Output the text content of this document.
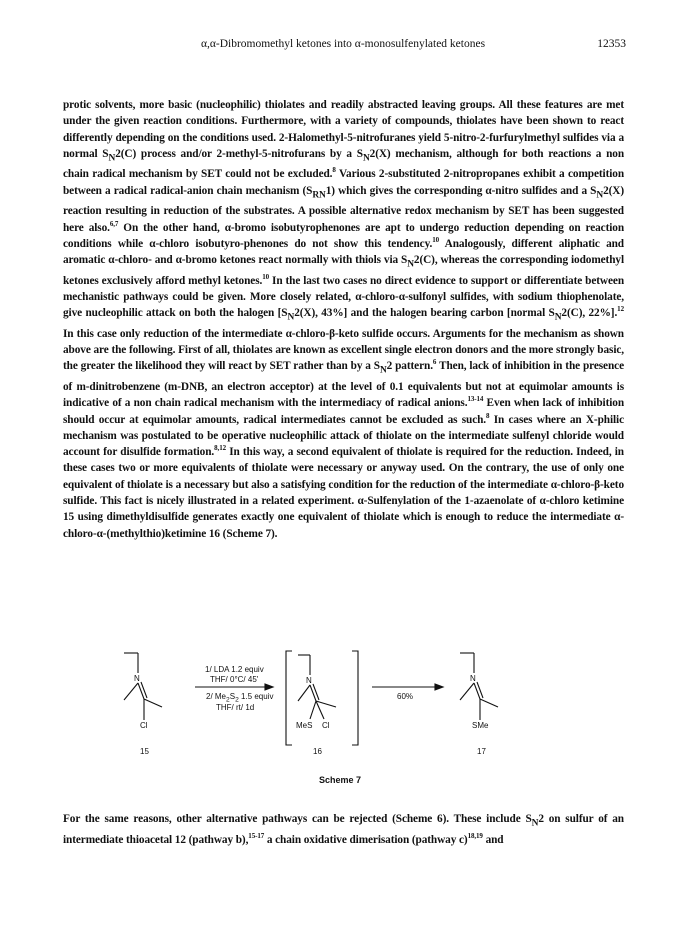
α,α-Dibromomethyl ketones into α-monosulfenylated ketones	12353

protic solvents, more basic (nucleophilic) thiolates and readily abstracted leaving groups. All these features are met under the given reaction conditions. Furthermore, with a variety of compounds, thiolates have been shown to react differently depending on the conditions used. 2-Halomethyl-5-nitrofuranes yield 5-nitro-2-furfurylmethyl sulfides via a normal $S_N2(C)$ process and/or 2-methyl-5-nitrofurans by a $S_N2(X)$ mechanism, although for both reactions a non chain radical mechanism by SET could not be excluded.$^8$ Various 2-substituted 2-nitropropanes exhibit a competition between a radical radical-anion chain mechanism $(S_{RN}1)$ which gives the corresponding α-nitro sulfides and a $S_N2(X)$ reaction resulting in reduction of the substrates. A possible alternative redox mechanism by SET has been suggested here also.$^{6,7}$ On the other hand, α-bromo isobutyrophenones are apt to undergo reduction depending on reaction conditions while α-chloro isobutyro-phenones do not show this tendency.$^{10}$ Analogously, different aliphatic and aromatic α-chloro- and α-bromo ketones react normally with thiols via $S_N2(C)$, whereas the corresponding iodomethyl ketones exclusively afford methyl ketones.$^{10}$ In the last two cases no direct evidence to support or differentiate between mechanistic pathways could be given. More closely related, α-chloro-α-sulfonyl sulfides, with sodium thiophenolate, give nucleophilic attack on both the halogen [$S_N2(X)$, 43%] and the halogen bearing carbon [normal $S_N2(C)$, 22%].$^{12}$ In this case only reduction of the intermediate α-chloro-β-keto sulfide occurs. Arguments for the mechanism as shown above are the following. First of all, thiolates are known as excellent single electron donors and the more strongly basic, the greater the likelihood they will react by SET rather than by a $S_N2$ pattern.$^6$ Then, lack of inhibition in the presence of m-dinitrobenzene (m-DNB, an electron acceptor) at the level of 0.1 equivalents but not at equimolar amounts is indicative of a non chain radical mechanism with the intermediacy of radical anions.$^{13-14}$ Even when lack of inhibition should occur at equimolar amounts, radical intermediates cannot be excluded as such.$^8$ In cases where an X-philic mechanism was postulated to be operative nucleophilic attack of thiolate on the intermediate sulfenyl chloride would account for disulfide formation.$^{8,12}$ In this way, a second equivalent of thiolate is required for the reduction. Indeed, in these cases two or more equivalents of thiolate were necessary or anyway used. On the contrary, the use of only one equivalent of thiolate is a necessary but also a satisfying condition for the reduction of the intermediate α-chloro-β-keto sulfide. This fact is nicely illustrated in a related experiment. α-Sulfenylation of the 1-azaenolate of α-chloro ketimine 15 using dimethyldisulfide generates exactly one equivalent of thiolate which is enough to reduce the intermediate α-chloro-α-(methylthio)ketimine 16 (Scheme 7).

N
Cl
15
1/ LDA 1.2 equiv
THF/ 0°C/ 45'
2/ $Me_2S_2$ 1.5 equiv
THF/ rt/ 1d
N
MeS Cl
16
60%
N
SMe
17
Scheme 7

For the same reasons, other alternative pathways can be rejected (Scheme 6). These include $S_N2$ on sulfur of an intermediate thioacetal 12 (pathway b),$^{15-17}$ a chain oxidative dimerisation (pathway c)$^{18,19}$ and
